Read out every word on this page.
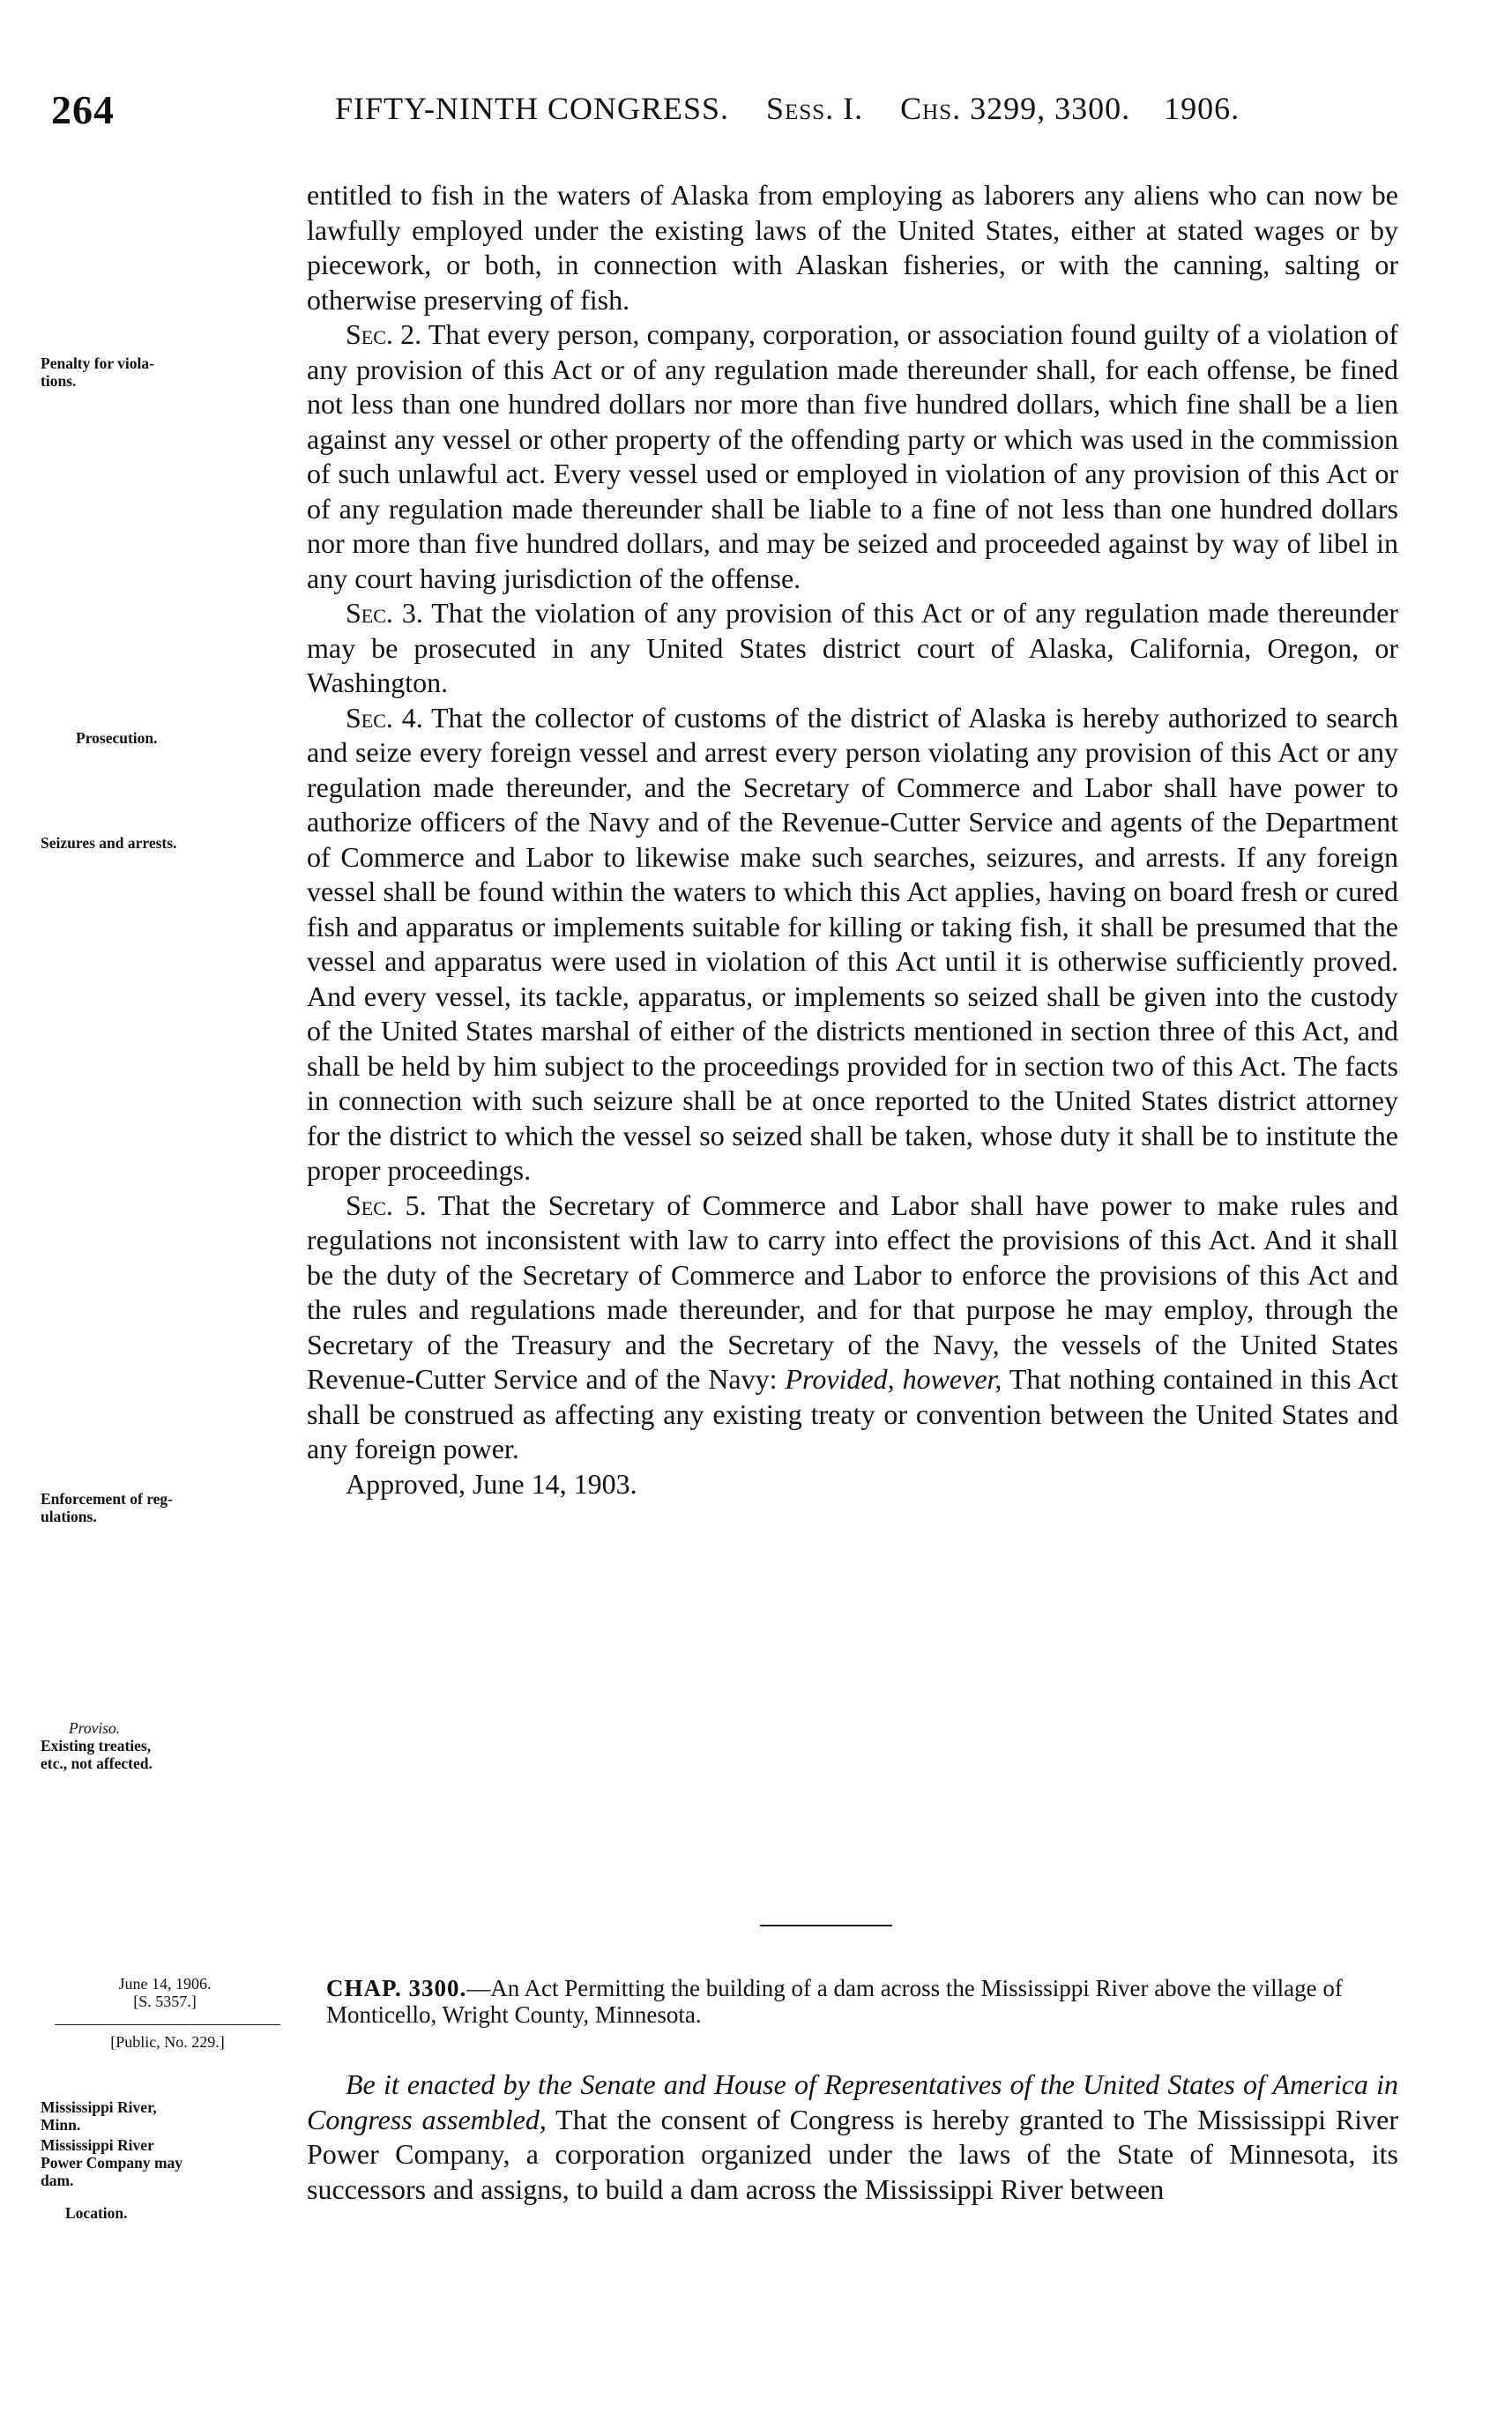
264	FIFTY-NINTH CONGRESS. Sess. I. Chs. 3299, 3300. 1906.

entitled to fish in the waters of Alaska from employing as laborers any aliens who can now be lawfully employed under the existing laws of the United States, either at stated wages or by piecework, or both, in connection with Alaskan fisheries, or with the canning, salting or otherwise preserving of fish.

Sec. 2. That every person, company, corporation, or association found guilty of a violation of any provision of this Act or of any regulation made thereunder shall, for each offense, be fined not less than one hundred dollars nor more than five hundred dollars, which fine shall be a lien against any vessel or other property of the offending party or which was used in the commission of such unlawful act. Every vessel used or employed in violation of any provision of this Act or of any regulation made thereunder shall be liable to a fine of not less than one hundred dollars nor more than five hundred dollars, and may be seized and proceeded against by way of libel in any court having jurisdiction of the offense.

Sec. 3. That the violation of any provision of this Act or of any regulation made thereunder may be prosecuted in any United States district court of Alaska, California, Oregon, or Washington.

Sec. 4. That the collector of customs of the district of Alaska is hereby authorized to search and seize every foreign vessel and arrest every person violating any provision of this Act or any regulation made thereunder, and the Secretary of Commerce and Labor shall have power to authorize officers of the Navy and of the Revenue-Cutter Service and agents of the Department of Commerce and Labor to likewise make such searches, seizures, and arrests. If any foreign vessel shall be found within the waters to which this Act applies, having on board fresh or cured fish and apparatus or implements suitable for killing or taking fish, it shall be presumed that the vessel and apparatus were used in violation of this Act until it is otherwise sufficiently proved. And every vessel, its tackle, apparatus, or implements so seized shall be given into the custody of the United States marshal of either of the districts mentioned in section three of this Act, and shall be held by him subject to the proceedings provided for in section two of this Act. The facts in connection with such seizure shall be at once reported to the United States district attorney for the district to which the vessel so seized shall be taken, whose duty it shall be to institute the proper proceedings.

Sec. 5. That the Secretary of Commerce and Labor shall have power to make rules and regulations not inconsistent with law to carry into effect the provisions of this Act. And it shall be the duty of the Secretary of Commerce and Labor to enforce the provisions of this Act and the rules and regulations made thereunder, and for that purpose he may employ, through the Secretary of the Treasury and the Secretary of the Navy, the vessels of the United States Revenue-Cutter Service and of the Navy: Provided, however, That nothing contained in this Act shall be construed as affecting any existing treaty or convention between the United States and any foreign power.

Approved, June 14, 1903.

Penalty for viola-
tions.
Prosecution.
Seizures and arrests.
Enforcement of reg-
ulations.
Proviso.
Existing treaties,
etc., not affected.
June 14, 1906.
[S. 5357.]
[Public, No. 229.]
CHAP. 3300.—An Act Permitting the building of a dam across the Mississippi River above the village of Monticello, Wright County, Minnesota.
Be it enacted by the Senate and House of Representatives of the United States of America in Congress assembled, That the consent of Congress is hereby granted to The Mississippi River Power Company, a corporation organized under the laws of the State of Minnesota, its successors and assigns, to build a dam across the Mississippi River between
Mississippi River,
Minn.
Mississippi River
Power Company may
dam.
Location.
